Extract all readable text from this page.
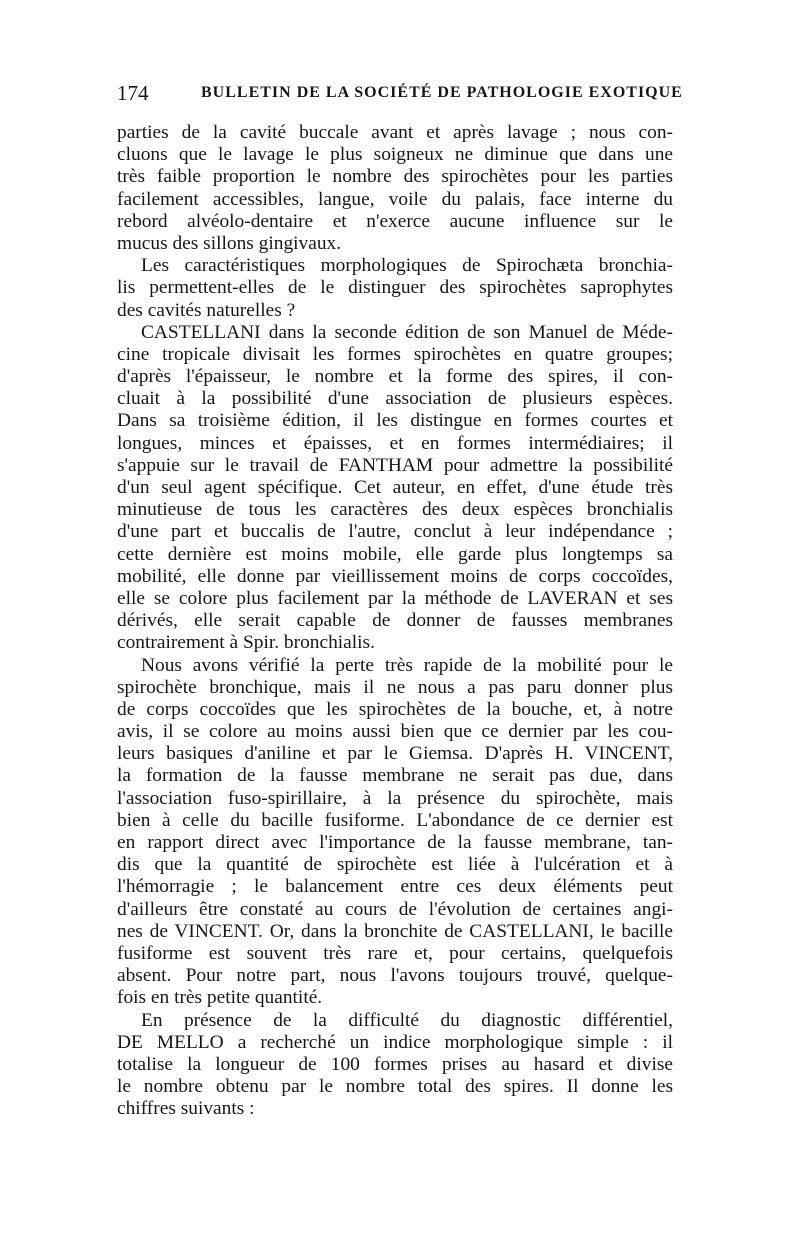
174	BULLETIN DE LA SOCIÉTÉ DE PATHOLOGIE EXOTIQUE
parties de la cavité buccale avant et après lavage ; nous con-
cluons que le lavage le plus soigneux ne diminue que dans une
très faible proportion le nombre des spirochètes pour les parties
facilement accessibles, langue, voile du palais, face interne du
rebord alvéolo-dentaire et n'exerce aucune influence sur le
mucus des sillons gingivaux.
Les caractéristiques morphologiques de Spirochæta bronchia-
lis permettent-elles de le distinguer des spirochètes saprophytes
des cavités naturelles ?
CASTELLANI dans la seconde édition de son Manuel de Méde-
cine tropicale divisait les formes spirochètes en quatre groupes;
d'après l'épaisseur, le nombre et la forme des spires, il con-
cluait à la possibilité d'une association de plusieurs espèces.
Dans sa troisième édition, il les distingue en formes courtes et
longues, minces et épaisses, et en formes intermédiaires; il
s'appuie sur le travail de FANTHAM pour admettre la possibilité
d'un seul agent spécifique. Cet auteur, en effet, d'une étude très
minutieuse de tous les caractères des deux espèces bronchialis
d'une part et buccalis de l'autre, conclut à leur indépendance ;
cette dernière est moins mobile, elle garde plus longtemps sa
mobilité, elle donne par vieillissement moins de corps coccoïdes,
elle se colore plus facilement par la méthode de LAVERAN et ses
dérivés, elle serait capable de donner de fausses membranes
contrairement à Spir. bronchialis.
Nous avons vérifié la perte très rapide de la mobilité pour le
spirochète bronchique, mais il ne nous a pas paru donner plus
de corps coccoïdes que les spirochètes de la bouche, et, à notre
avis, il se colore au moins aussi bien que ce dernier par les cou-
leurs basiques d'aniline et par le Giemsa. D'après H. VINCENT,
la formation de la fausse membrane ne serait pas due, dans
l'association fuso-spirillaire, à la présence du spirochète, mais
bien à celle du bacille fusiforme. L'abondance de ce dernier est
en rapport direct avec l'importance de la fausse membrane, tan-
dis que la quantité de spirochète est liée à l'ulcération et à
l'hémorragie ; le balancement entre ces deux éléments peut
d'ailleurs être constaté au cours de l'évolution de certaines angi-
nes de VINCENT. Or, dans la bronchite de CASTELLANI, le bacille
fusiforme est souvent très rare et, pour certains, quelquefois
absent. Pour notre part, nous l'avons toujours trouvé, quelque-
fois en très petite quantité.
En présence de la difficulté du diagnostic différentiel,
DE MELLO a recherché un indice morphologique simple : il
totalise la longueur de 100 formes prises au hasard et divise
le nombre obtenu par le nombre total des spires. Il donne les
chiffres suivants :
